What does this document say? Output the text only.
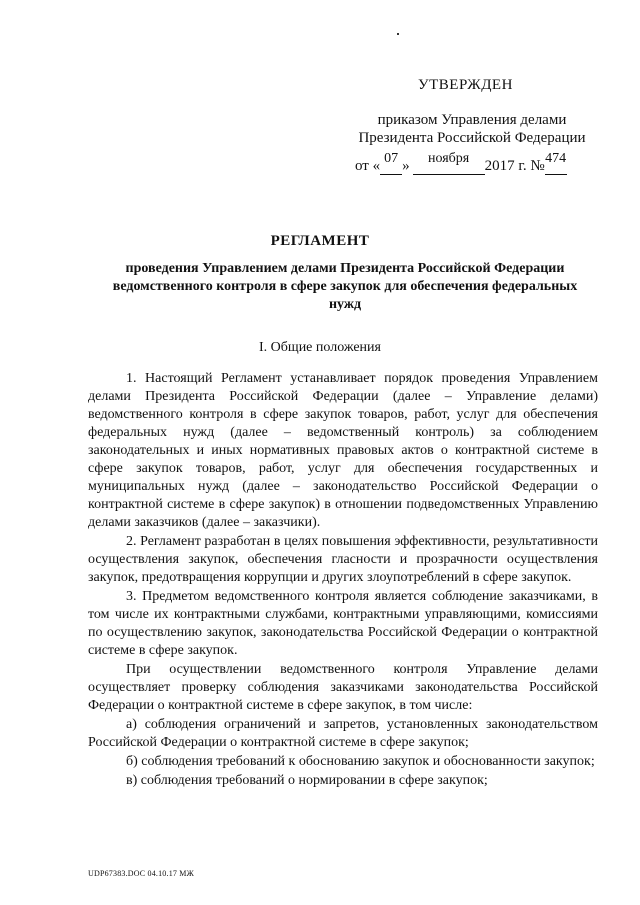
УТВЕРЖДЕН
приказом Управления делами
Президента Российской Федерации
от « 07 » ноября 2017 г. №474
РЕГЛАМЕНТ
проведения Управлением делами Президента Российской Федерации ведомственного контроля в сфере закупок для обеспечения федеральных нужд
I. Общие положения

1. Настоящий Регламент устанавливает порядок проведения Управлением делами Президента Российской Федерации (далее – Управление делами) ведомственного контроля в сфере закупок товаров, работ, услуг для обеспечения федеральных нужд (далее – ведомственный контроль) за соблюдением законодательных и иных нормативных правовых актов о контрактной системе в сфере закупок товаров, работ, услуг для обеспечения государственных и муниципальных нужд (далее – законодательство Российской Федерации о контрактной системе в сфере закупок) в отношении подведомственных Управлению делами заказчиков (далее – заказчики).

2. Регламент разработан в целях повышения эффективности, результативности осуществления закупок, обеспечения гласности и прозрачности осуществления закупок, предотвращения коррупции и других злоупотреблений в сфере закупок.

3. Предметом ведомственного контроля является соблюдение заказчиками, в том числе их контрактными службами, контрактными управляющими, комиссиями по осуществлению закупок, законодательства Российской Федерации о контрактной системе в сфере закупок.

При осуществлении ведомственного контроля Управление делами осуществляет проверку соблюдения заказчиками законодательства Российской Федерации о контрактной системе в сфере закупок, в том числе:

а) соблюдения ограничений и запретов, установленных законодательством Российской Федерации о контрактной системе в сфере закупок;

б) соблюдения требований к обоснованию закупок и обоснованности закупок;

в) соблюдения требований о нормировании в сфере закупок;

UDP67383.DOC 04.10.17 МЖ
